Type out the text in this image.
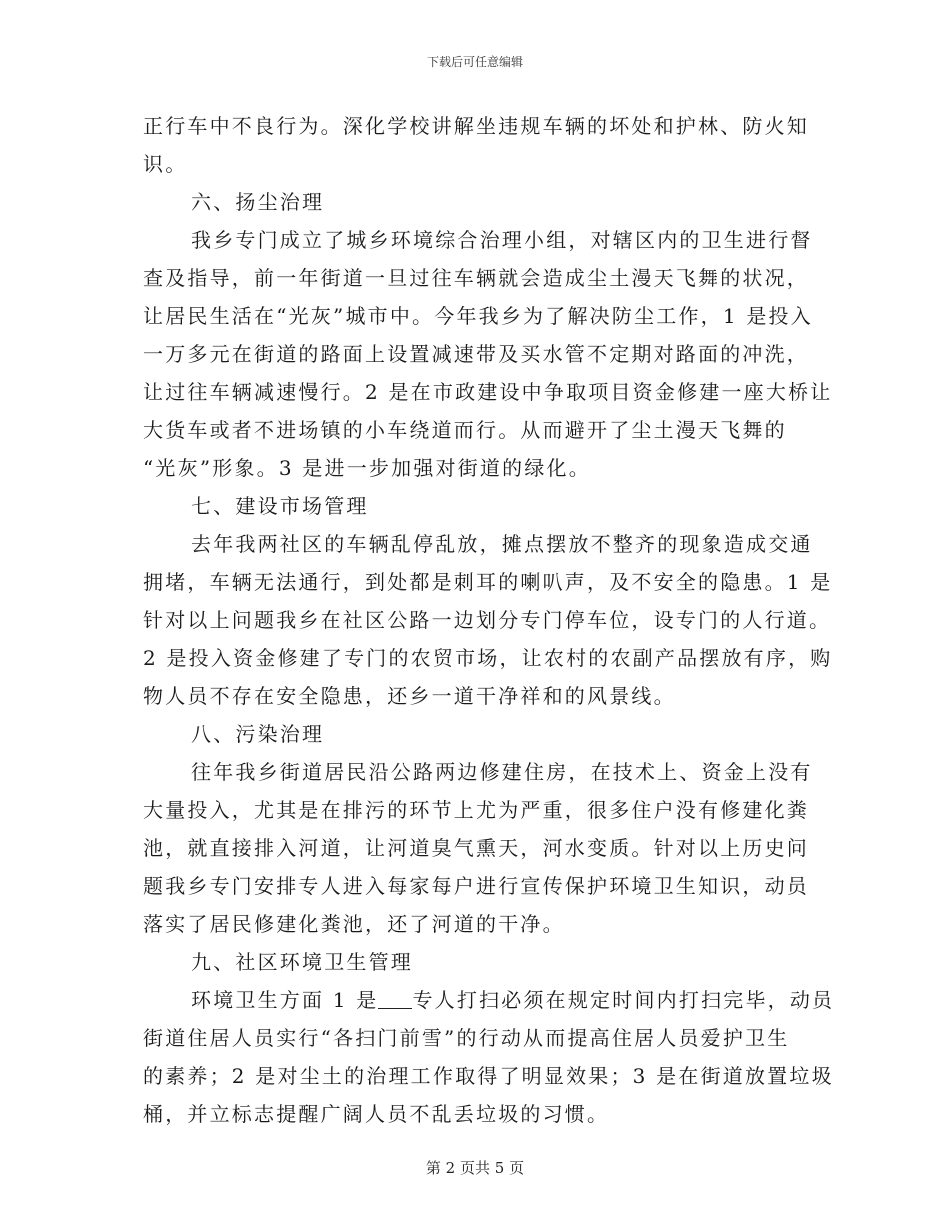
下载后可任意编辑
正行车中不良行为。深化学校讲解坐违规车辆的坏处和护林、防火知
识。
六、扬尘治理
我乡专门成立了城乡环境综合治理小组，对辖区内的卫生进行督
查及指导，前一年街道一旦过往车辆就会造成尘土漫天飞舞的状况，
让居民生活在“光灰”城市中。今年我乡为了解决防尘工作，1 是投入
一万多元在街道的路面上设置减速带及买水管不定期对路面的冲洗，
让过往车辆减速慢行。2 是在市政建设中争取项目资金修建一座大桥让
大货车或者不进场镇的小车绕道而行。从而避开了尘土漫天飞舞的
“光灰”形象。3 是进一步加强对街道的绿化。
七、建设市场管理
去年我两社区的车辆乱停乱放，摊点摆放不整齐的现象造成交通
拥堵，车辆无法通行，到处都是刺耳的喇叭声，及不安全的隐患。1 是
针对以上问题我乡在社区公路一边划分专门停车位，设专门的人行道。
2 是投入资金修建了专门的农贸市场，让农村的农副产品摆放有序，购
物人员不存在安全隐患，还乡一道干净祥和的风景线。
八、污染治理
往年我乡街道居民沿公路两边修建住房，在技术上、资金上没有
大量投入，尤其是在排污的环节上尤为严重，很多住户没有修建化粪
池，就直接排入河道，让河道臭气熏天，河水变质。针对以上历史问
题我乡专门安排专人进入每家每户进行宣传保护环境卫生知识，动员
落实了居民修建化粪池，还了河道的干净。
九、社区环境卫生管理
环境卫生方面 1 是 专人打扫必须在规定时间内打扫完毕，动员
街道住居人员实行“各扫门前雪”的行动从而提高住居人员爱护卫生
的素养；2 是对尘土的治理工作取得了明显效果；3 是在街道放置垃圾
桶，并立标志提醒广阔人员不乱丢垃圾的习惯。
第 2 页共 5 页
